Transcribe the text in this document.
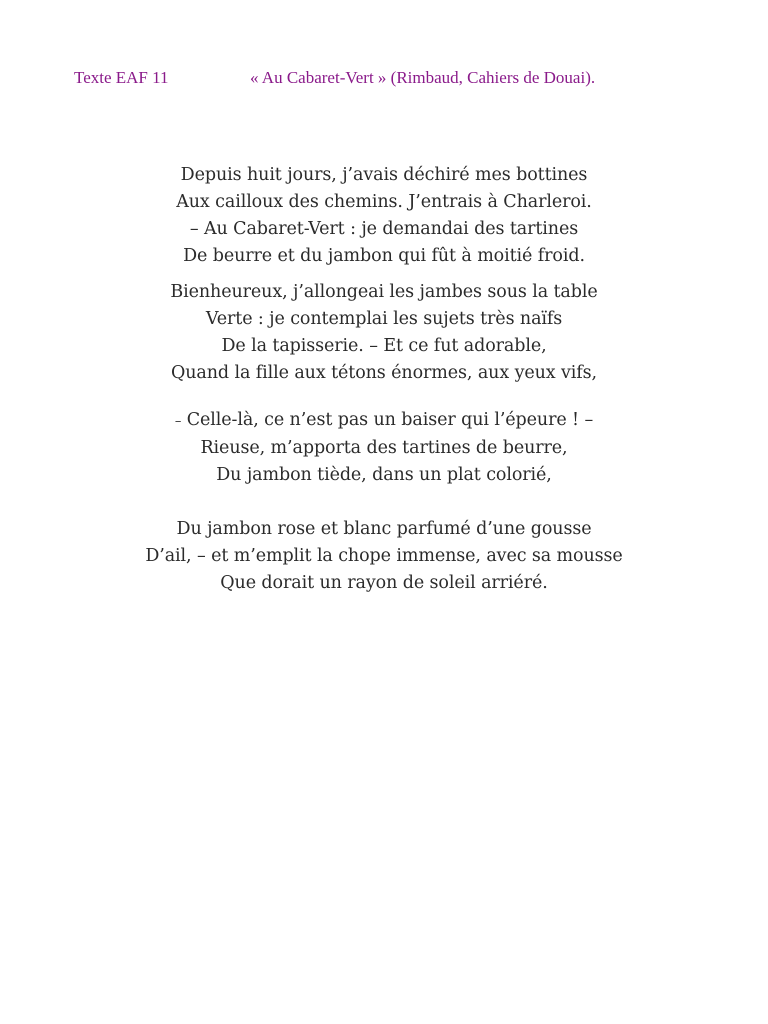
Texte EAF 11	« Au Cabaret-Vert » (Rimbaud, Cahiers de Douai).
Depuis huit jours, j’avais déchiré mes bottines
Aux cailloux des chemins. J’entrais à Charleroi.
– Au Cabaret-Vert : je demandai des tartines
De beurre et du jambon qui fût à moitié froid.
Bienheureux, j’allongeai les jambes sous la table
Verte : je contemplai les sujets très naïfs
De la tapisserie. – Et ce fut adorable,
Quand la fille aux tétons énormes, aux yeux vifs,
– Celle-là, ce n’est pas un baiser qui l’épeure ! –
Rieuse, m’apporta des tartines de beurre,
Du jambon tiède, dans un plat colorié,
Du jambon rose et blanc parfumé d’une gousse
D’ail, – et m’emplit la chope immense, avec sa mousse
Que dorait un rayon de soleil arriéré.
